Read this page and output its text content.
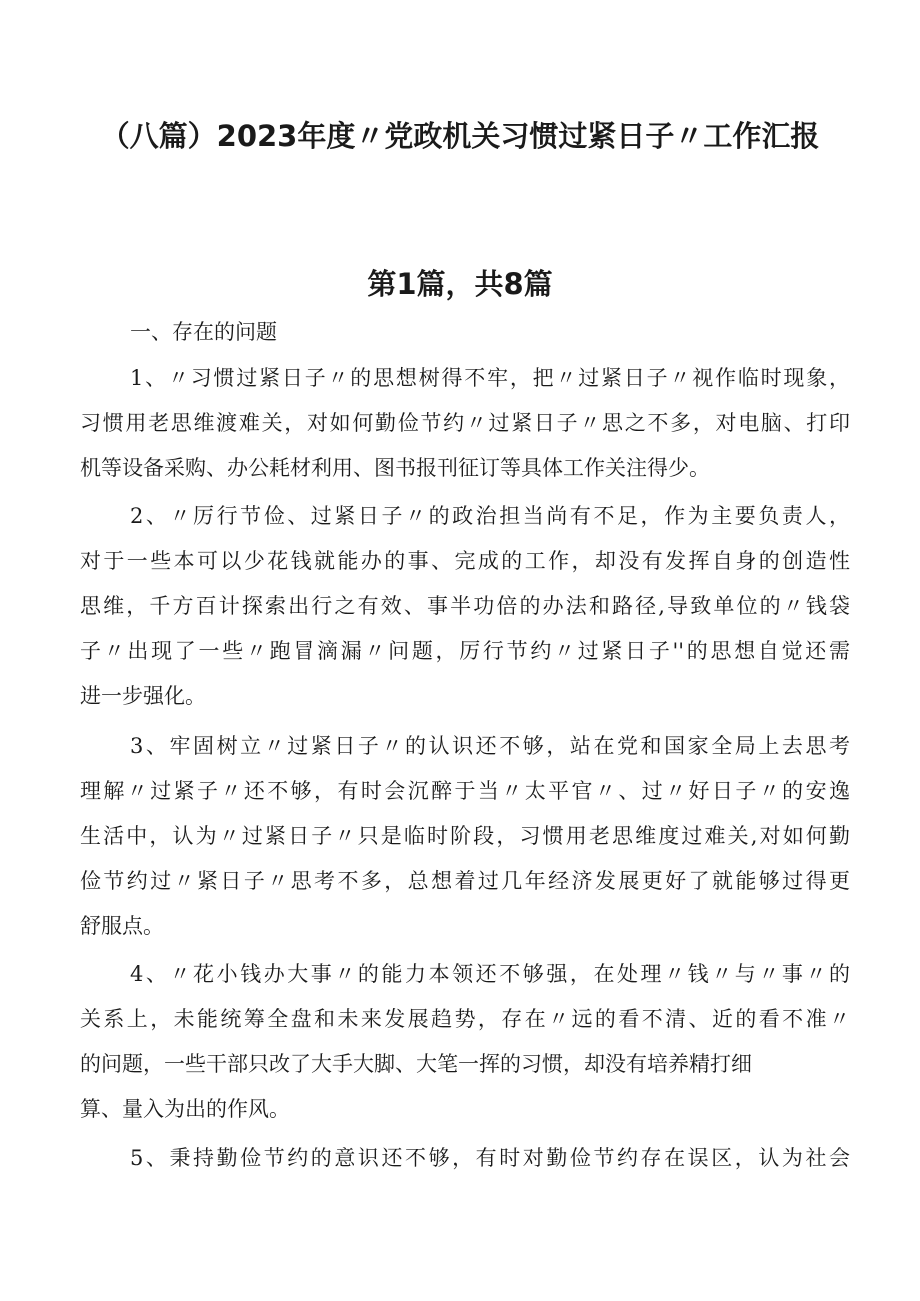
（八篇）2023年度〃党政机关习惯过紧日子〃工作汇报
第1篇，共8篇

一、存在的问题

1、〃习惯过紧日子〃的思想树得不牢，把〃过紧日子〃视作临时现象，
习惯用老思维渡难关，对如何勤俭节约〃过紧日子〃思之不多，对电脑、打印
机等设备采购、办公耗材利用、图书报刊征订等具体工作关注得少。
2、〃厉行节俭、过紧日子〃的政治担当尚有不足，作为主要负责人，
对于一些本可以少花钱就能办的事、完成的工作，却没有发挥自身的创造性
思维，千方百计探索出行之有效、事半功倍的办法和路径,导致单位的〃钱袋
子〃出现了一些〃跑冒滴漏〃问题，厉行节约〃过紧日子''的思想自觉还需
进一步强化。
3、牢固树立〃过紧日子〃的认识还不够，站在党和国家全局上去思考
理解〃过紧子〃还不够，有时会沉醉于当〃太平官〃、过〃好日子〃的安逸
生活中，认为〃过紧日子〃只是临时阶段，习惯用老思维度过难关,对如何勤
俭节约过〃紧日子〃思考不多，总想着过几年经济发展更好了就能够过得更
舒服点。
4、〃花小钱办大事〃的能力本领还不够强，在处理〃钱〃与〃事〃的
关系上，未能统筹全盘和未来发展趋势，存在〃远的看不清、近的看不准〃
的问题，一些干部只改了大手大脚、大笔一挥的习惯，却没有培养精打细
算、量入为出的作风。
5、秉持勤俭节约的意识还不够，有时对勤俭节约存在误区，认为社会
